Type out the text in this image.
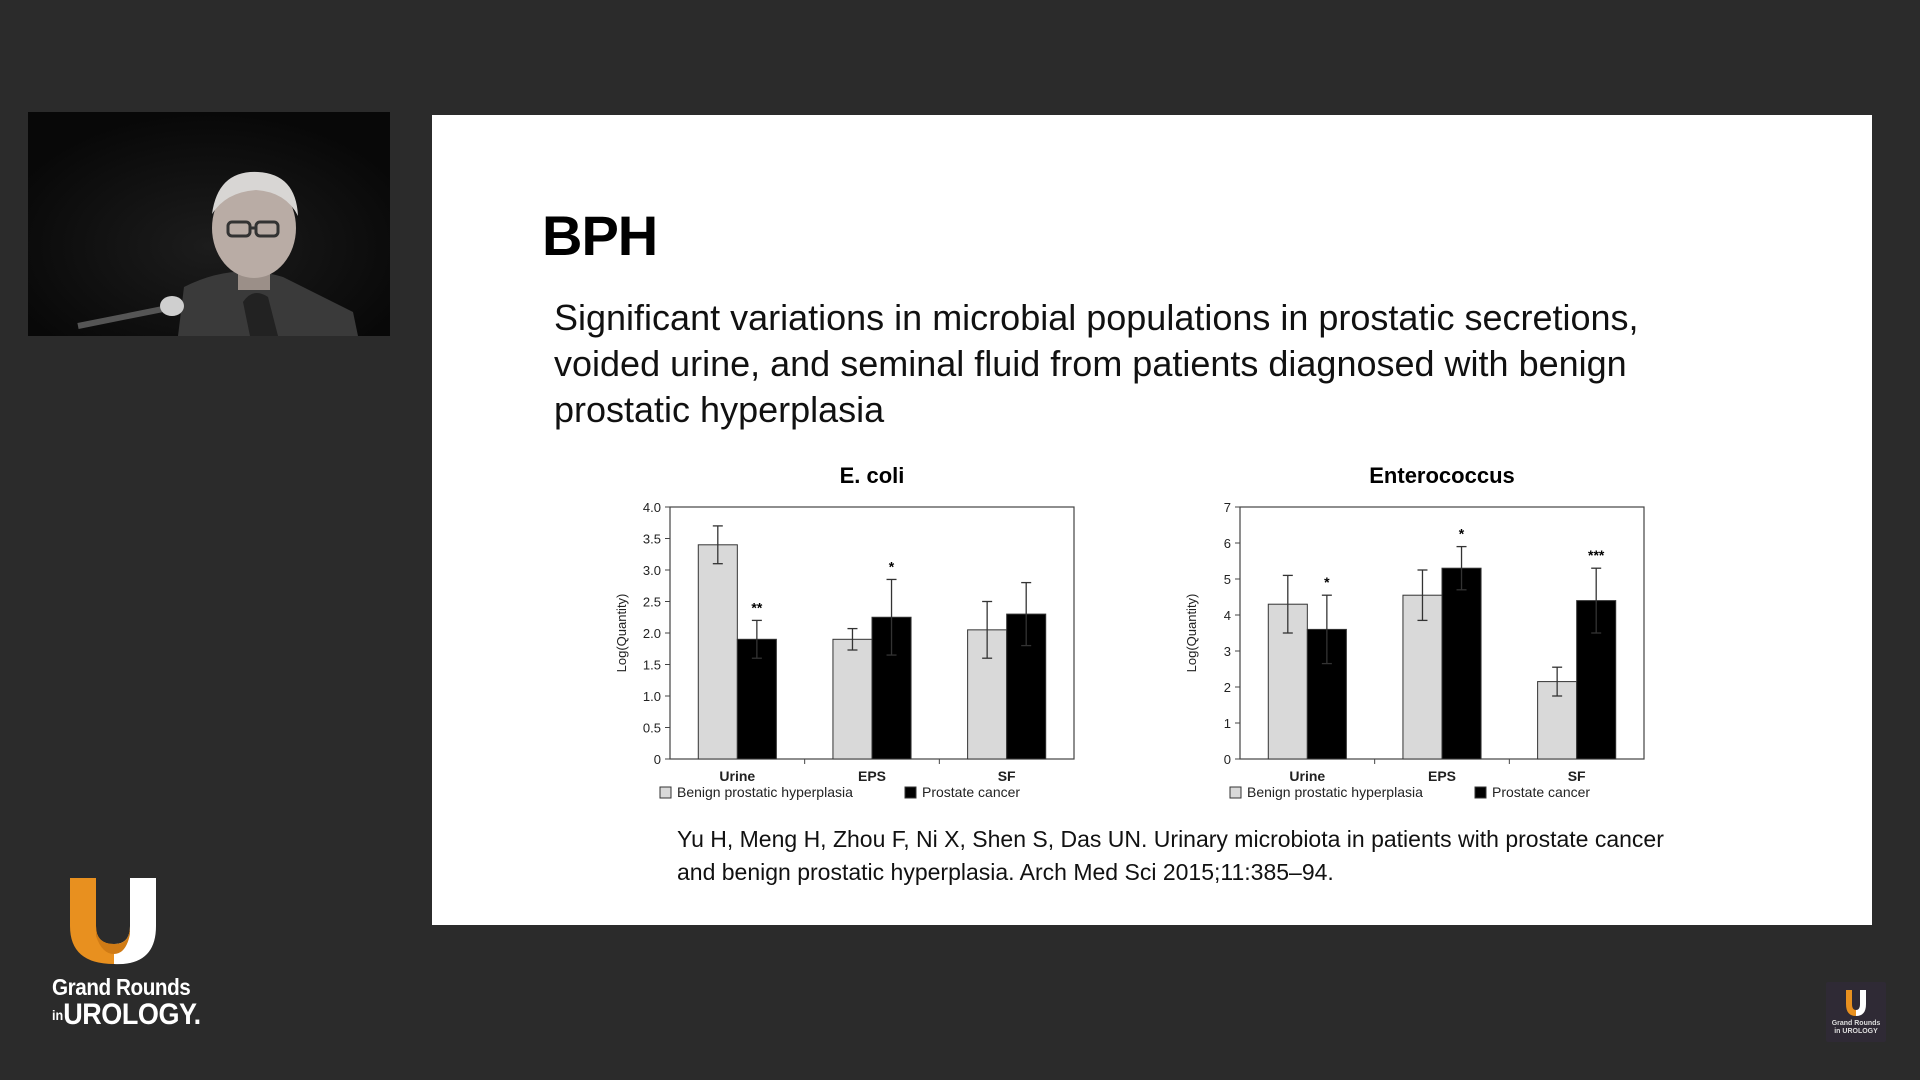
BPH
Significant variations in microbial populations in prostatic secretions,
voided urine, and seminal fluid from patients diagnosed with benign
prostatic hyperplasia
E. coli
0
0.5
1.0
1.5
2.0
2.5
3.0
3.5
4.0
Log(Quantity)
Urine
**
EPS
*
SF
Benign prostatic hyperplasia	Prostate cancer
Enterococcus
0
1
2
3
4
5
6
7
Log(Quantity)
Urine
*
EPS
*
SF
***
Benign prostatic hyperplasia	Prostate cancer
Yu H, Meng H, Zhou F, Ni X, Shen S, Das UN. Urinary microbiota in patients with prostate cancer
and benign prostatic hyperplasia. Arch Med Sci 2015;11:385–94.
Grand Rounds
inUROLOGY.	Grand Rounds
in UROLOGY
